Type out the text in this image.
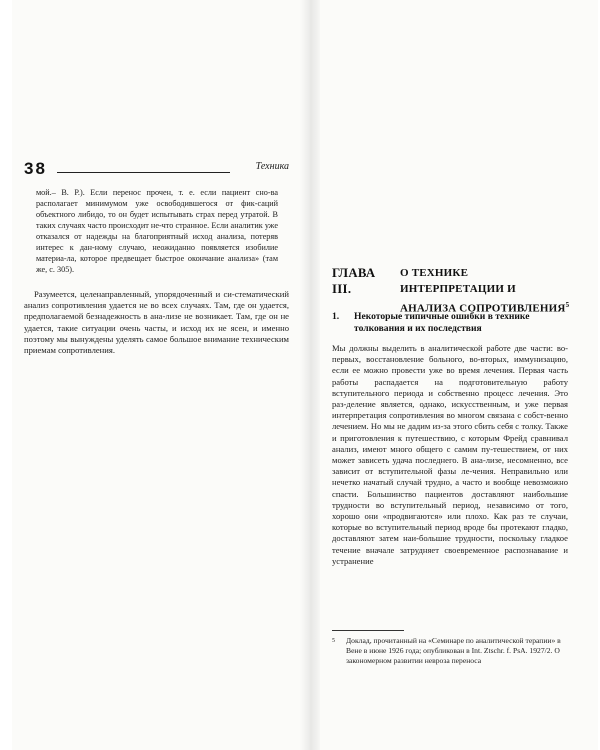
38	Техника
мой.– В. Р.). Если перенос прочен, т. е. если пациент сно-ва располагает минимумом уже освободившегося от фик-саций объектного либидо, то он будет испытывать страх перед утратой. В таких случаях часто происходит не-что странное. Если аналитик уже отказался от надежды на благоприятный исход анализа, потеряв интерес к дан-ному случаю, неожиданно появляется изобилие материа-ла, которое предвещает быстрое окончание анализа» (там же, с. 305).
Разумеется, целенаправленный, упорядоченный и си-стематический анализ сопротивления удается не во всех случаях. Там, где он удается, предполагаемой безнадежность в ана-лизе не возникает. Там, где он не удается, такие ситуации очень часты, и исход их не ясен, и именно поэтому мы вынуждены уделять самое большое внимание техническим приемам сопротивления.
ГЛАВА III.
О ТЕХНИКЕ ИНТЕРПРЕТАЦИИ И АНАЛИЗА СОПРОТИВЛЕНИЯ$^5$
1. Некоторые типичные ошибки в технике толкования и их последствия
Мы должны выделить в аналитической работе две части: во-первых, восстановление больного, во-вторых, иммунизацию, если ее можно провести уже во время лечения. Первая часть работы распадается на подготовительную работу вступительного периода и собственно процесс лечения. Это раз-деление является, однако, искусственным, и уже первая интерпретация сопротивления во многом связана с собст-венно лечением. Но мы не дадим из-за этого сбить себя с толку. Также и приготовления к путешествию, с которым Фрейд сравнивал анализ, имеют много общего с самим пу-тешествием, от них может зависеть удача последнего. В ана-лизе, несомненно, все зависит от вступительной фазы ле-чения. Неправильно или нечетко начатый случай трудно, а часто и вообще невозможно спасти. Большинство пациентов доставляют наибольшие трудности во вступительный период, независимо от того, хорошо они «продвигаются» или плохо. Как раз те случаи, которые во вступительный период вроде бы протекают гладко, доставляют затем наи-большие трудности, поскольку гладкое течение вначале затрудняет своевременное распознавание и устранение
5 Доклад, прочитанный на «Семинаре по аналитической терапии» в Вене в июне 1926 года; опубликован в Int. Ztschr. f. PsA. 1927/2. О закономерном развитии невроза переноса
